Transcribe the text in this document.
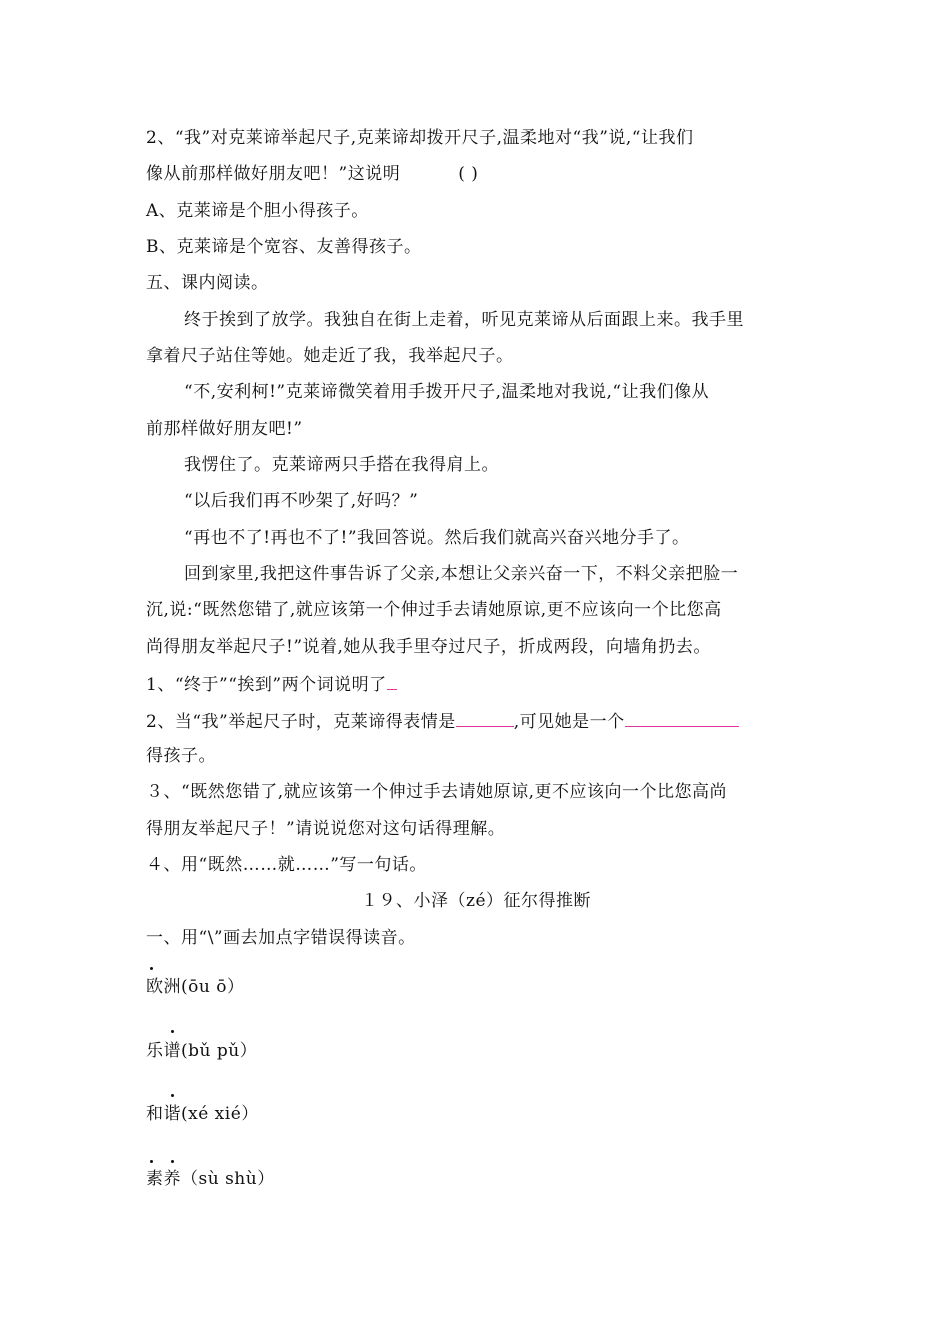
2、“我”对克莱谛举起尺子,克莱谛却拨开尺子,温柔地对“我”说,“让我们
像从前那样做好朋友吧！”这说明	( )
A、克莱谛是个胆小得孩子。
B、克莱谛是个宽容、友善得孩子。
五、课内阅读。
终于挨到了放学。我独自在街上走着，听见克莱谛从后面跟上来。我手里
拿着尺子站住等她。她走近了我，我举起尺子。
“不,安利柯!”克莱谛微笑着用手拨开尺子,温柔地对我说,“让我们像从
前那样做好朋友吧!”
我愣住了。克莱谛两只手搭在我得肩上。
“以后我们再不吵架了,好吗？”
“再也不了!再也不了!”我回答说。然后我们就高兴奋兴地分手了。
回到家里,我把这件事告诉了父亲,本想让父亲兴奋一下，不料父亲把脸一
沉,说:“既然您错了,就应该第一个伸过手去请她原谅,更不应该向一个比您高
尚得朋友举起尺子!”说着,她从我手里夺过尺子，折成两段，向墙角扔去。
1、“终于”“挨到”两个词说明了
2、当“我”举起尺子时，克莱谛得表情是	,可见她是一个
得孩子。
３、“既然您错了,就应该第一个伸过手去请她原谅,更不应该向一个比您高尚
得朋友举起尺子！”请说说您对这句话得理解。
４、用“既然……就……”写一句话。
１９、小泽（zé）征尔得推断
一、用“\”画去加点字错误得读音。
欧洲(ōu ō）
乐谱(bǔ pǔ）
和谐(xé xié）
素养（sù shù）
